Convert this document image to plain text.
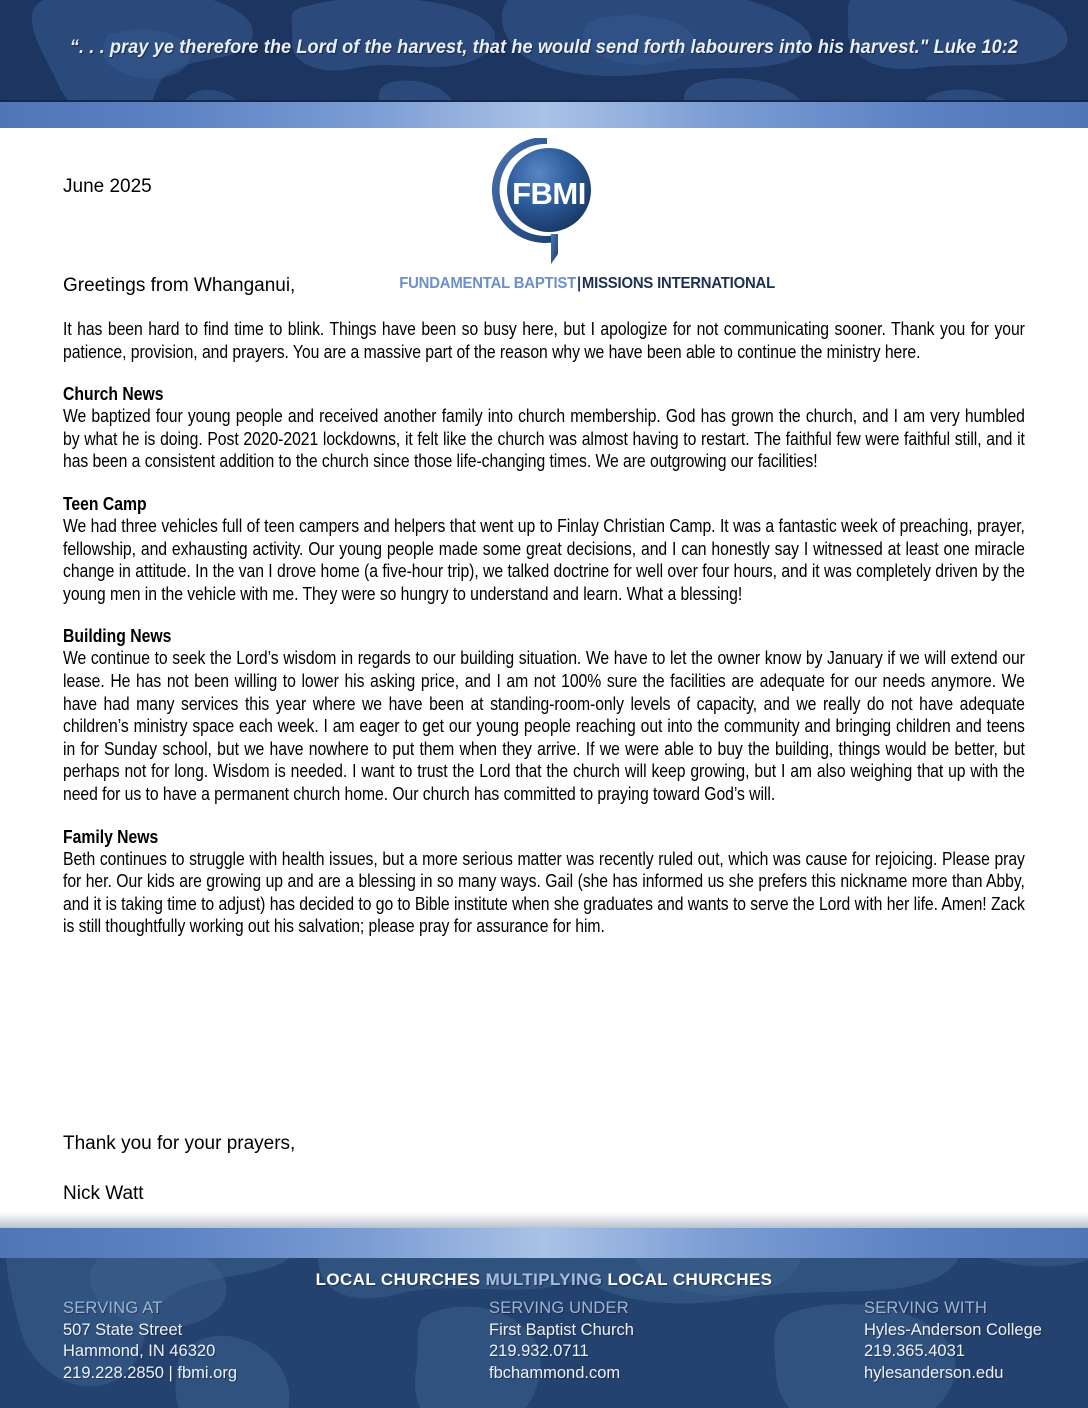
“. . . pray ye therefore the Lord of the harvest, that he would send forth labourers into his harvest." Luke 10:2
June 2025	FBMI
FUNDAMENTAL BAPTIST|MISSIONS INTERNATIONAL
Greetings from Whanganui,

It has been hard to find time to blink. Things have been so busy here, but I apologize for not communicating sooner. Thank you for your patience, provision, and prayers. You are a massive part of the reason why we have been able to continue the ministry here.

Church News

We baptized four young people and received another family into church membership. God has grown the church, and I am very humbled by what he is doing. Post 2020-2021 lockdowns, it felt like the church was almost having to restart. The faithful few were faithful still, and it has been a consistent addition to the church since those life-changing times. We are outgrowing our facilities!

Teen Camp

We had three vehicles full of teen campers and helpers that went up to Finlay Christian Camp. It was a fantastic week of preaching, prayer, fellowship, and exhausting activity. Our young people made some great decisions, and I can honestly say I witnessed at least one miracle change in attitude. In the van I drove home (a five-hour trip), we talked doctrine for well over four hours, and it was completely driven by the young men in the vehicle with me. They were so hungry to understand and learn. What a blessing!

Building News

We continue to seek the Lord’s wisdom in regards to our building situation. We have to let the owner know by January if we will extend our lease. He has not been willing to lower his asking price, and I am not 100% sure the facilities are adequate for our needs anymore. We have had many services this year where we have been at standing-room-only levels of capacity, and we really do not have adequate children’s ministry space each week. I am eager to get our young people reaching out into the community and bringing children and teens in for Sunday school, but we have nowhere to put them when they arrive. If we were able to buy the building, things would be better, but perhaps not for long. Wisdom is needed. I want to trust the Lord that the church will keep growing, but I am also weighing that up with the need for us to have a permanent church home. Our church has committed to praying toward God’s will.

Family News

Beth continues to struggle with health issues, but a more serious matter was recently ruled out, which was cause for rejoicing. Please pray for her. Our kids are growing up and are a blessing in so many ways. Gail (she has informed us she prefers this nickname more than Abby, and it is taking time to adjust) has decided to go to Bible institute when she graduates and wants to serve the Lord with her life. Amen! Zack is still thoughtfully working out his salvation; please pray for assurance for him.

Thank you for your prayers,
Nick Watt
LOCAL CHURCHES MULTIPLYING LOCAL CHURCHES
SERVING AT
507 State Street
Hammond, IN 46320
219.228.2850 | fbmi.org
SERVING UNDER
First Baptist Church
219.932.0711
fbchammond.com
SERVING WITH
Hyles-Anderson College
219.365.4031
hylesanderson.edu
